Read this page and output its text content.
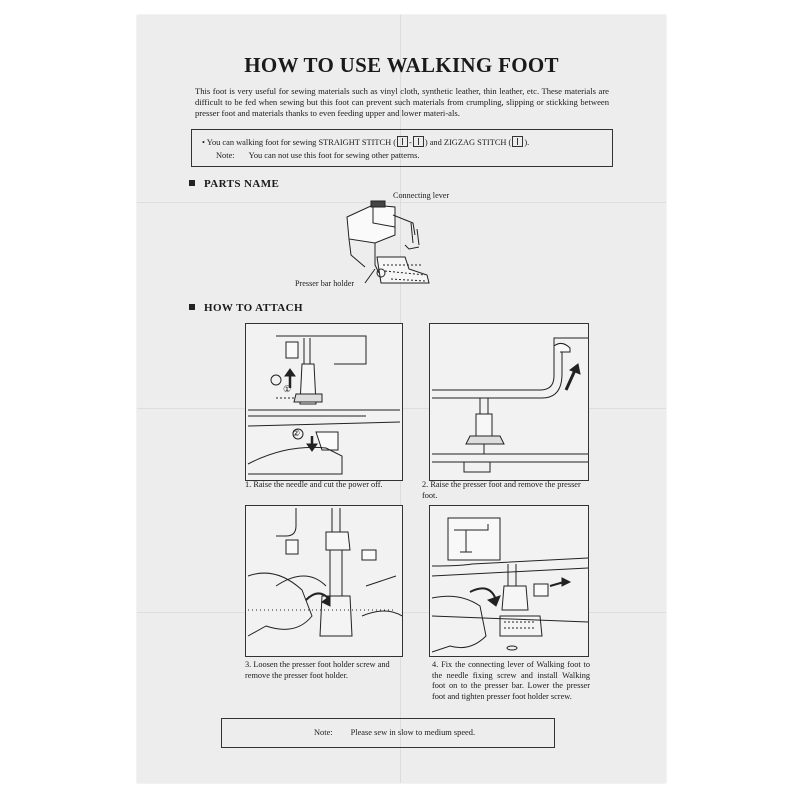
HOW TO USE WALKING FOOT
This foot is very useful for sewing materials such as vinyl cloth, synthetic leather, thin leather, etc. These materials are difficult to be fed when sewing but this foot can prevent such materials from crumpling, slipping or stickking between presser foot and materials thanks to even feeding upper and lower materi-als.
• You can walking foot for sewing STRAIGHT STITCH ( - ) and ZIGZAG STITCH ( ).
Note: You can not use this foot for sewing other patterns.
PARTS NAME
Connecting lever
Presser bar holder
HOW TO ATTACH
1. Raise the needle and cut the power off.	2. Raise the presser foot and remove the presser foot.
3. Loosen the presser foot holder screw and remove the presser foot holder.
4. Fix the connecting lever of Walking foot to the needle fixing screw and install Walking foot on to the presser bar. Lower the presser foot and tighten presser foot holder screw.
①
②
Note: Please sew in slow to medium speed.
